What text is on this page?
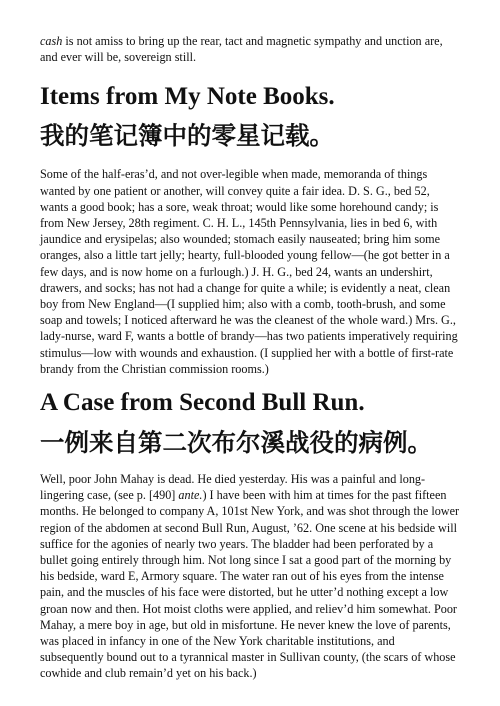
cash is not amiss to bring up the rear, tact and magnetic sympathy and unction are, and ever will be, sovereign still.

Items from My Note Books.
我的笔记簿中的零星记载。

Some of the half-eras’d, and not over-legible when made, memoranda of things wanted by one patient or another, will convey quite a fair idea. D. S. G., bed 52, wants a good book; has a sore, weak throat; would like some horehound candy; is from New Jersey, 28th regiment. C. H. L., 145th Pennsylvania, lies in bed 6, with jaundice and erysipelas; also wounded; stomach easily nauseated; bring him some oranges, also a little tart jelly; hearty, full-blooded young fellow—(he got better in a few days, and is now home on a furlough.) J. H. G., bed 24, wants an undershirt, drawers, and socks; has not had a change for quite a while; is evidently a neat, clean boy from New England—(I supplied him; also with a comb, tooth-brush, and some soap and towels; I noticed afterward he was the cleanest of the whole ward.) Mrs. G., lady-nurse, ward F, wants a bottle of brandy—has two patients imperatively requiring stimulus—low with wounds and exhaustion. (I supplied her with a bottle of first-rate brandy from the Christian commission rooms.)

A Case from Second Bull Run.
一例来自第二次布尔溪战役的病例。

Well, poor John Mahay is dead. He died yesterday. His was a painful and long-lingering case, (see p. [490] ante.) I have been with him at times for the past fifteen months. He belonged to company A, 101st New York, and was shot through the lower region of the abdomen at second Bull Run, August, ’62. One scene at his bedside will suffice for the agonies of nearly two years. The bladder had been perforated by a bullet going entirely through him. Not long since I sat a good part of the morning by his bedside, ward E, Armory square. The water ran out of his eyes from the intense pain, and the muscles of his face were distorted, but he utter’d nothing except a low groan now and then. Hot moist cloths were applied, and reliev’d him somewhat. Poor Mahay, a mere boy in age, but old in misfortune. He never knew the love of parents, was placed in infancy in one of the New York charitable institutions, and subsequently bound out to a tyrannical master in Sullivan county, (the scars of whose cowhide and club remain’d yet on his back.)
